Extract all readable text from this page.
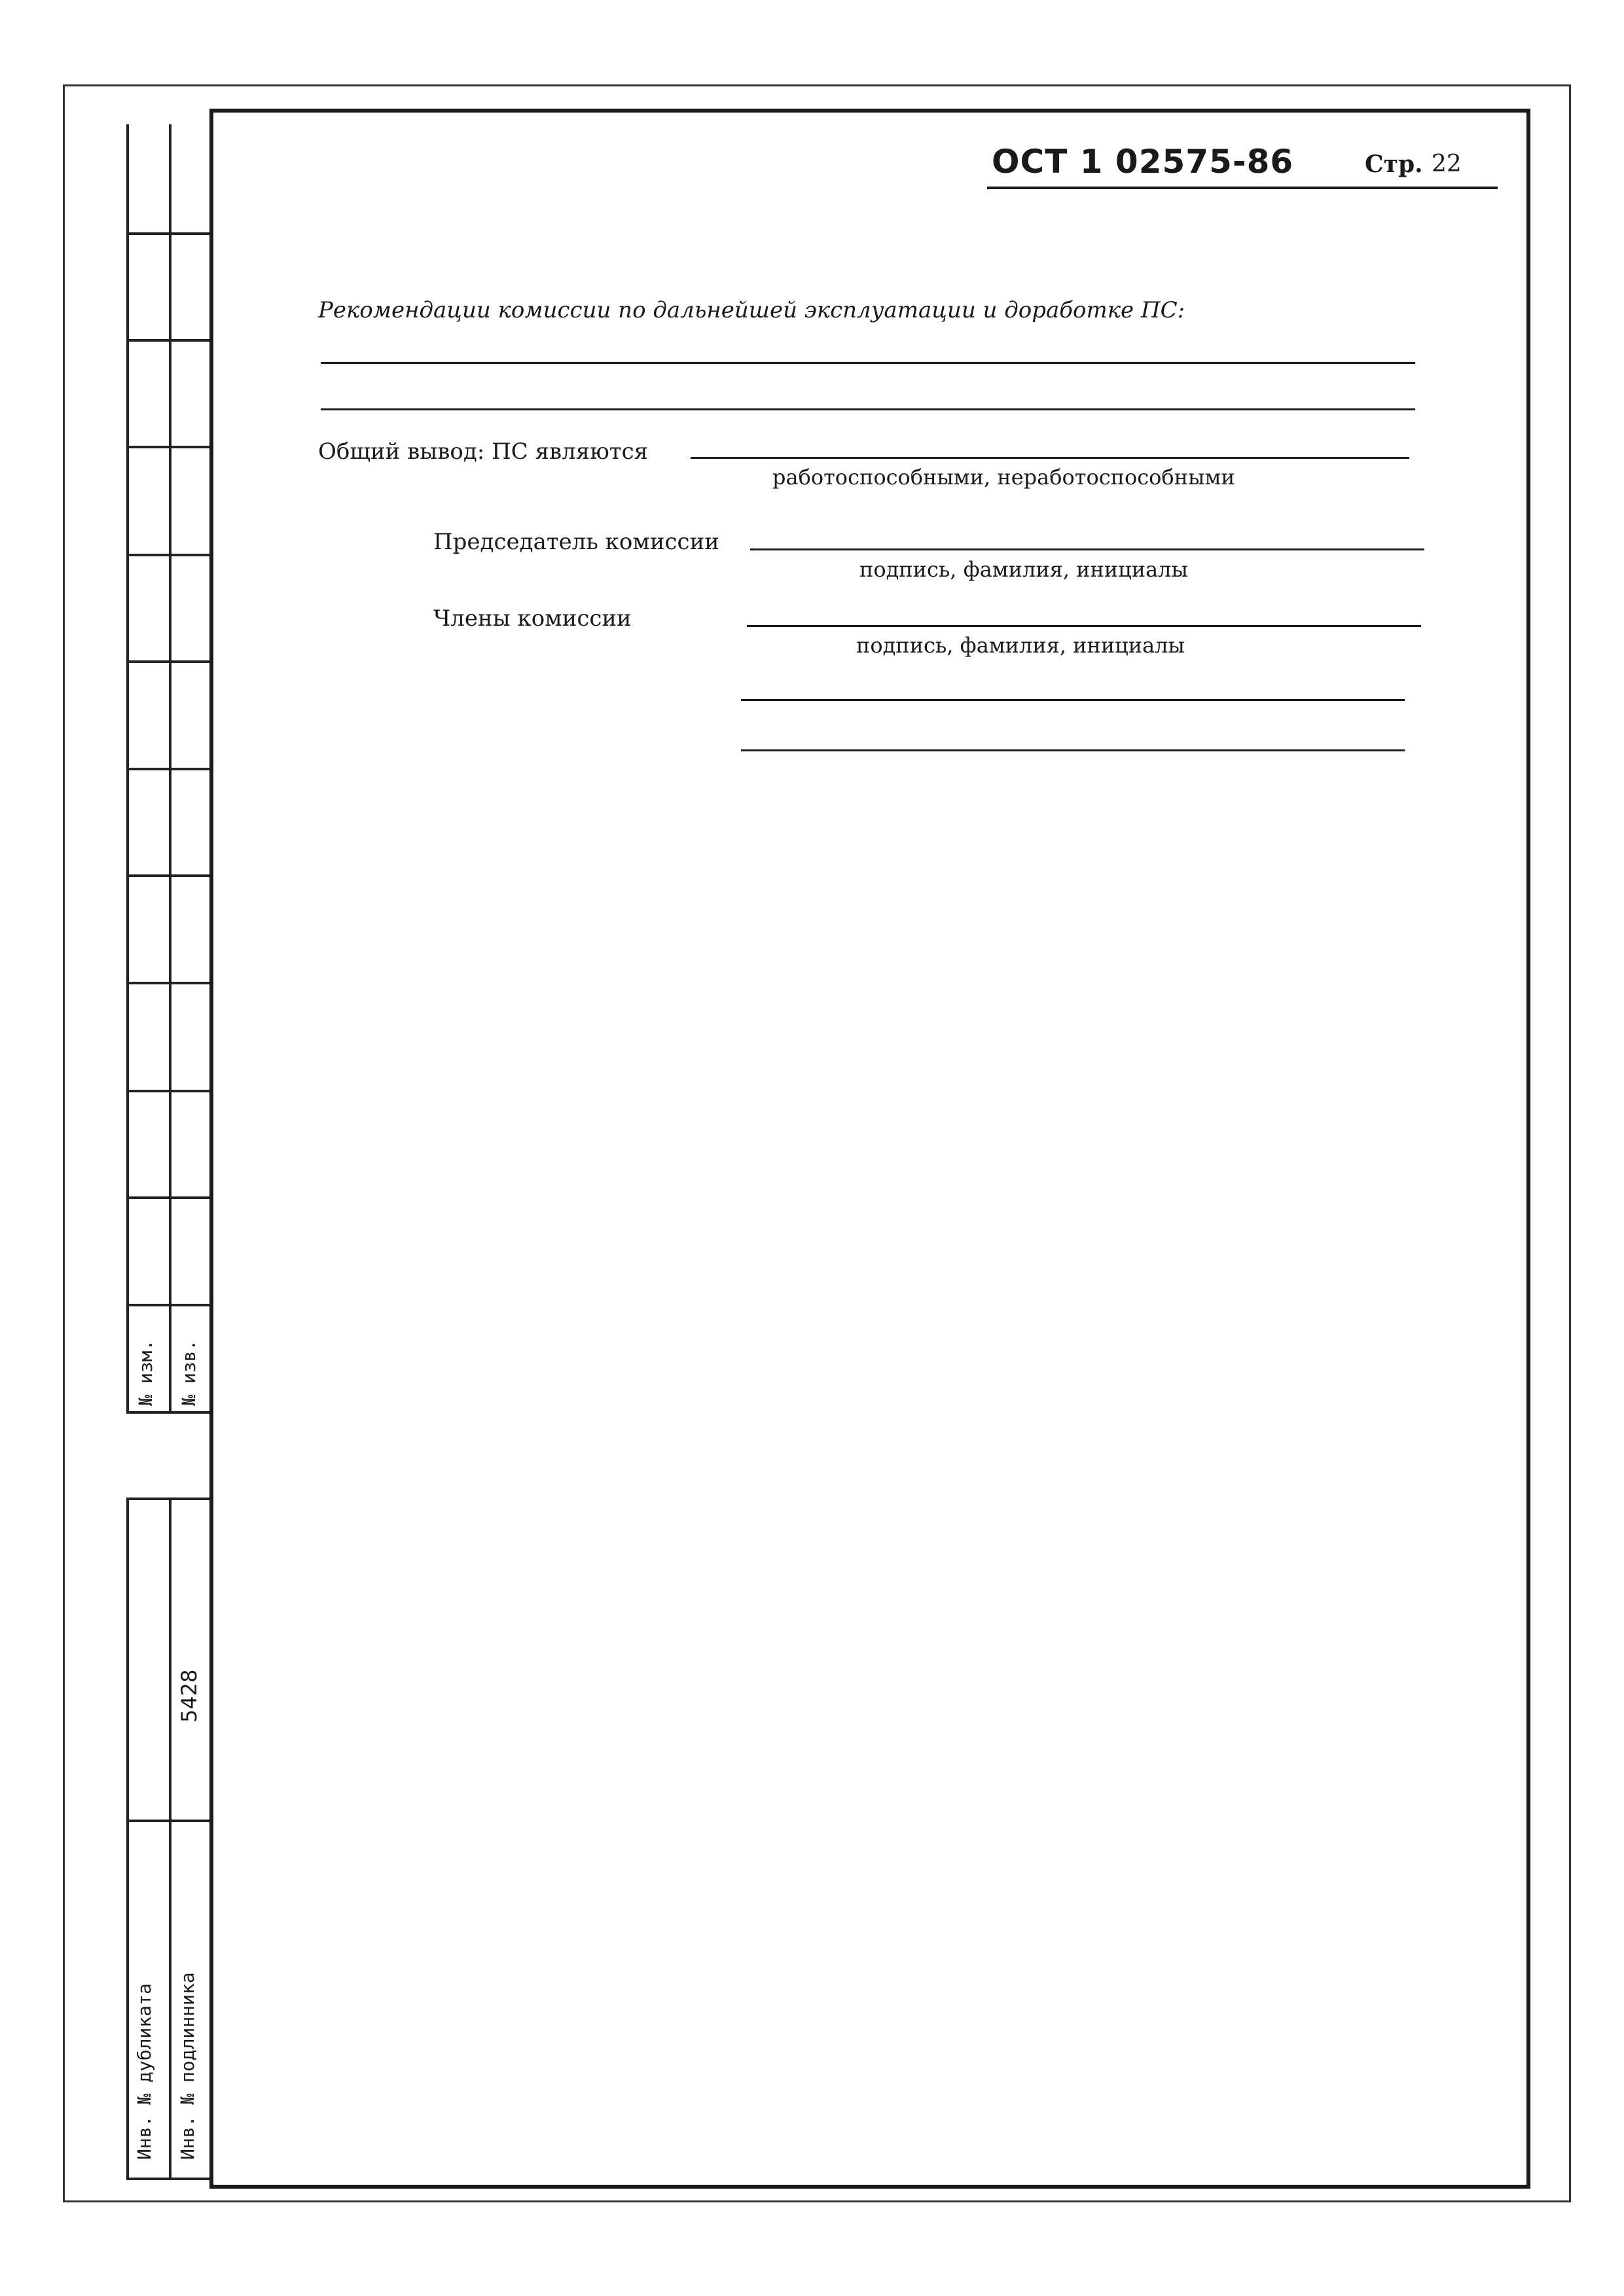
№ изм. № изв.
5428
Инв. № дубликата Инв. № подлинника
ОСТ 1 02575-86	Стр. 22
Рекомендации комиссии по дальнейшей эксплуатации и доработке ПС:
Общий вывод: ПС являются
работоспособными, неработоспособными
Председатель комиссии
подпись, фамилия, инициалы
Члены комиссии
подпись, фамилия, инициалы
